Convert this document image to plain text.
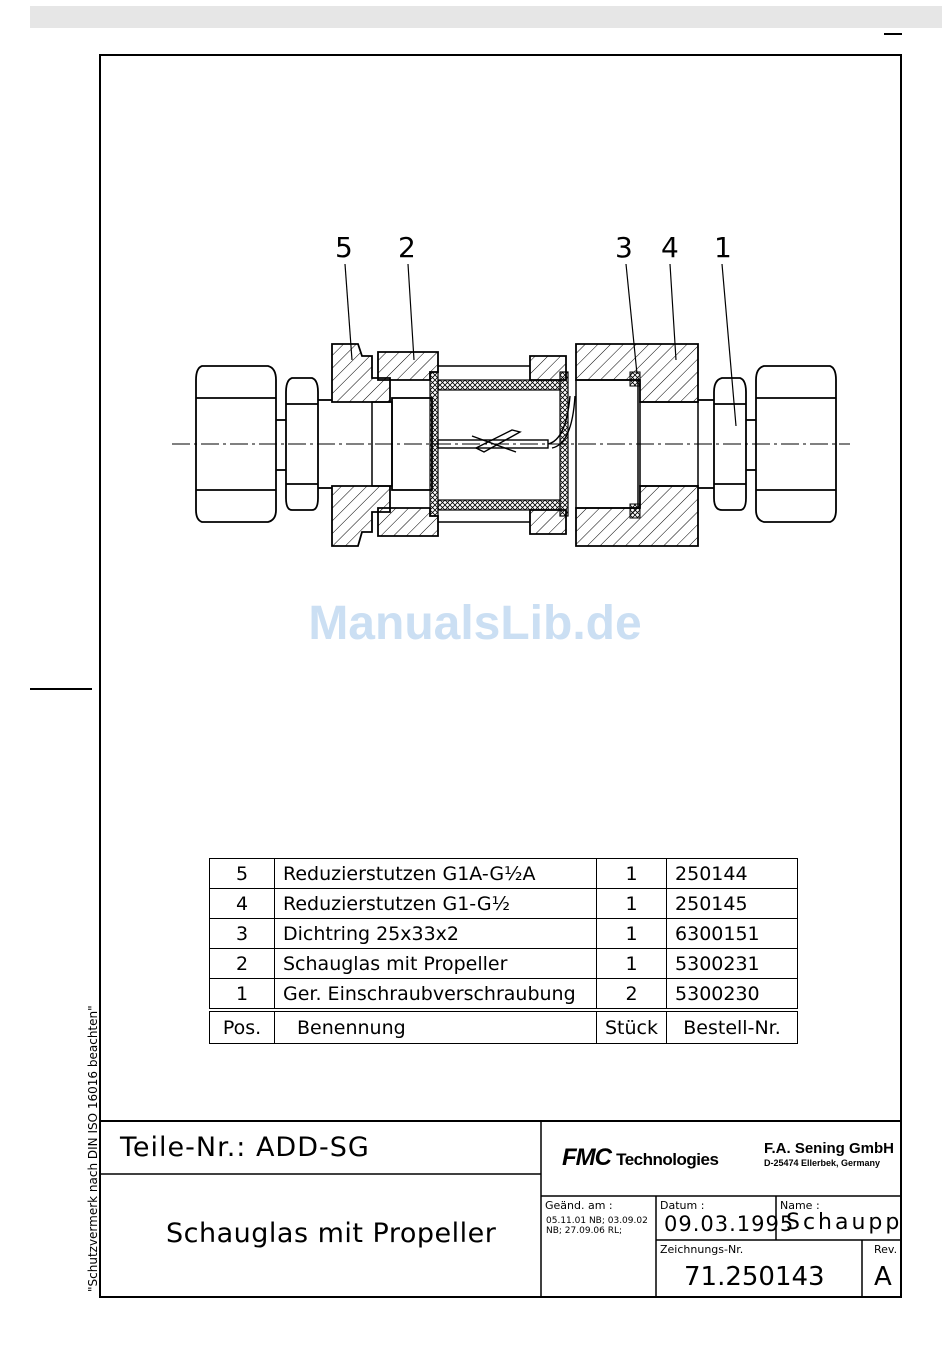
"Schutzvermerk nach DIN ISO 16016 beachten"
5 2	3 4 1
ManualsLib.de
5	Reduzierstutzen G1A-G½A	1	250144
4	Reduzierstutzen G1-G½	1	250145
3	Dichtring 25x33x2	1	6300151
2	Schauglas mit Propeller	1	5300231
1	Ger. Einschraubverschraubung	2	5300230
Pos.	Benennung	Stück	Bestell-Nr.
Teile-Nr.: ADD-SG
Schauglas mit Propeller
FMC Technologies
F.A. Sening GmbH
D-25474 Ellerbek, Germany
Geänd. am :
05.11.01 NB; 03.09.02 NB; 27.09.06 RL;
Datum :
09.03.1995
Name :
Schaupp
Zeichnungs-Nr.
71.250143
Rev.
A
